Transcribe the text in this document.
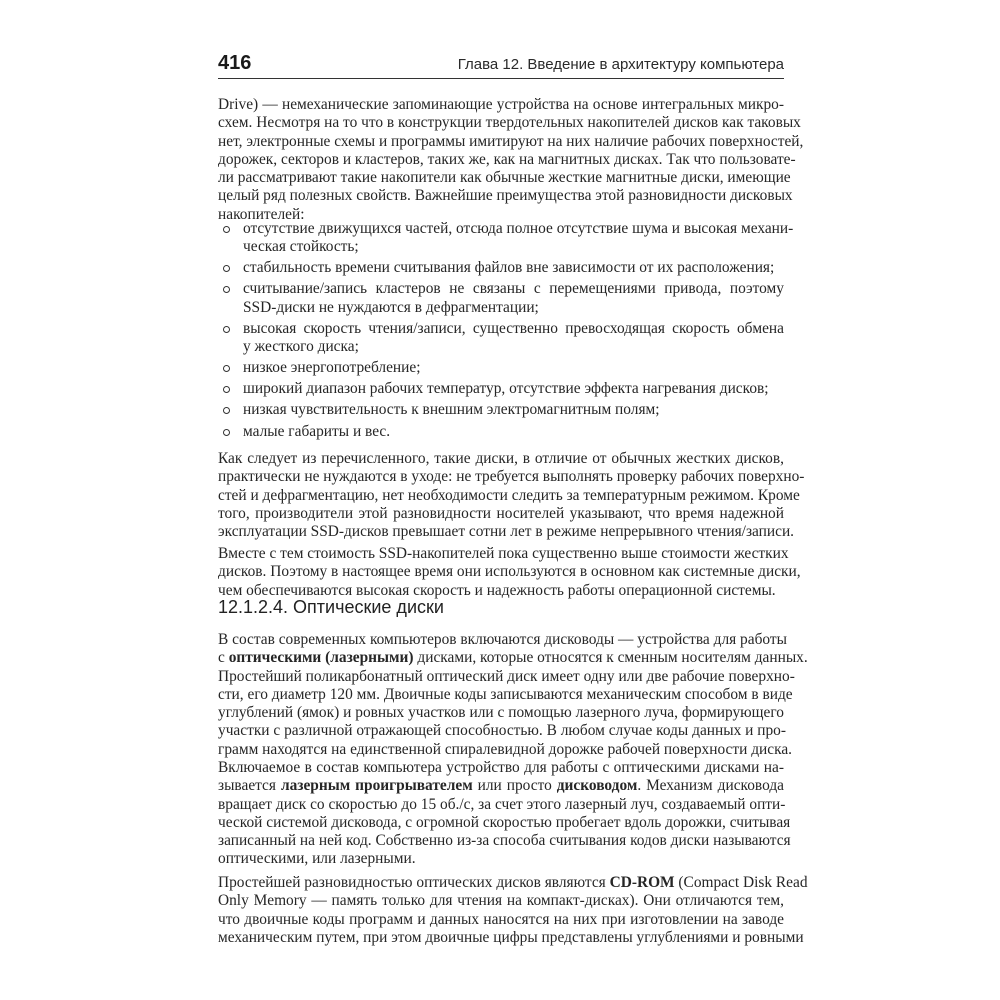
416	Глава 12. Введение в архитектуру компьютера
Drive) — немеханические запоминающие устройства на основе интегральных микро-
схем. Несмотря на то что в конструкции твердотельных накопителей дисков как таковых
нет, электронные схемы и программы имитируют на них наличие рабочих поверхностей,
дорожек, секторов и кластеров, таких же, как на магнитных дисках. Так что пользовате-
ли рассматривают такие накопители как обычные жесткие магнитные диски, имеющие
целый ряд полезных свойств. Важнейшие преимущества этой разновидности дисковых
накопителей:
отсутствие движущихся частей, отсюда полное отсутствие шума и высокая механи-
ческая стойкость;
стабильность времени считывания файлов вне зависимости от их расположения;
считывание/запись кластеров не связаны с перемещениями привода, поэтому
SSD-диски не нуждаются в дефрагментации;
высокая скорость чтения/записи, существенно превосходящая скорость обмена
у жесткого диска;
низкое энергопотребление;
широкий диапазон рабочих температур, отсутствие эффекта нагревания дисков;
низкая чувствительность к внешним электромагнитным полям;
малые габариты и вес.
Как следует из перечисленного, такие диски, в отличие от обычных жестких дисков,
практически не нуждаются в уходе: не требуется выполнять проверку рабочих поверхно-
стей и дефрагментацию, нет необходимости следить за температурным режимом. Кроме
того, производители этой разновидности носителей указывают, что время надежной
эксплуатации SSD-дисков превышает сотни лет в режиме непрерывного чтения/записи.
Вместе с тем стоимость SSD-накопителей пока существенно выше стоимости жестких
дисков. Поэтому в настоящее время они используются в основном как системные диски,
чем обеспечиваются высокая скорость и надежность работы операционной системы.
12.1.2.4. Оптические диски
В состав современных компьютеров включаются дисководы — устройства для работы
с оптическими (лазерными) дисками, которые относятся к сменным носителям данных.
Простейший поликарбонатный оптический диск имеет одну или две рабочие поверхно-
сти, его диаметр 120 мм. Двоичные коды записываются механическим способом в виде
углублений (ямок) и ровных участков или с помощью лазерного луча, формирующего
участки с различной отражающей способностью. В любом случае коды данных и про-
грамм находятся на единственной спиралевидной дорожке рабочей поверхности диска.
Включаемое в состав компьютера устройство для работы с оптическими дисками на-
зывается лазерным проигрывателем или просто дисководом. Механизм дисковода
вращает диск со скоростью до 15 об./с, за счет этого лазерный луч, создаваемый опти-
ческой системой дисковода, с огромной скоростью пробегает вдоль дорожки, считывая
записанный на ней код. Собственно из-за способа считывания кодов диски называются
оптическими, или лазерными.
Простейшей разновидностью оптических дисков являются CD-ROM (Compact Disk Read
Only Memory — память только для чтения на компакт-дисках). Они отличаются тем,
что двоичные коды программ и данных наносятся на них при изготовлении на заводе
механическим путем, при этом двоичные цифры представлены углублениями и ровными
